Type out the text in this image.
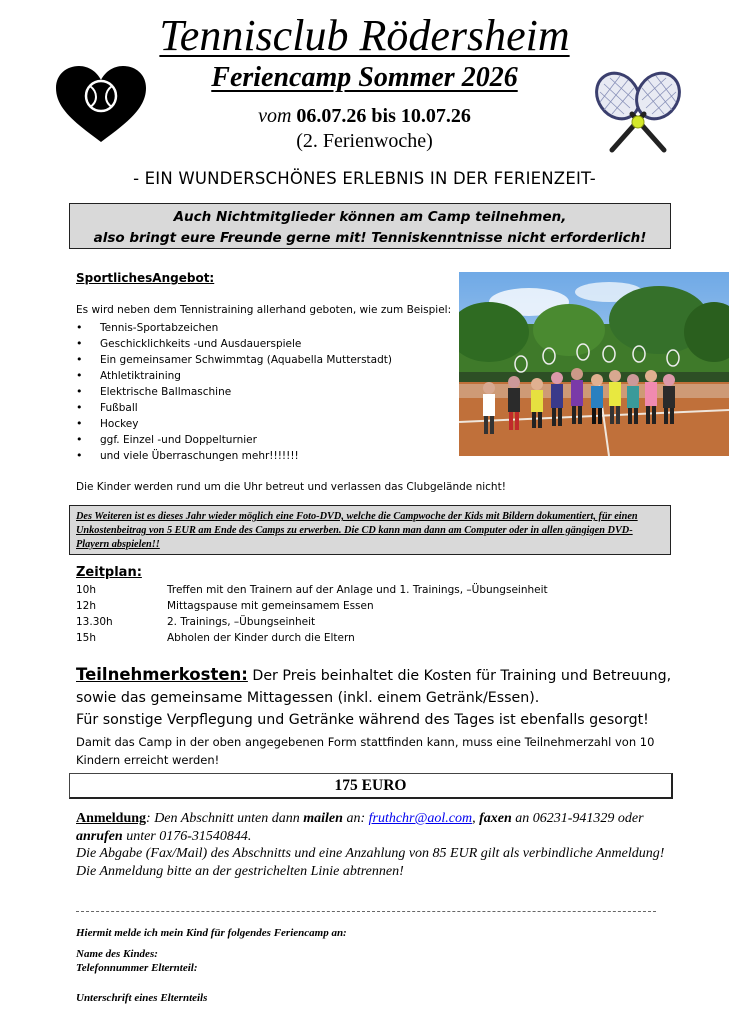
Tennisclub Rödersheim
Feriencamp Sommer 2026
vom 06.07.26 bis 10.07.26
(2. Ferienwoche)
- EIN WUNDERSCHÖNES ERLEBNIS IN DER FERIENZEIT-
Auch Nichtmitglieder können am Camp teilnehmen,
also bringt eure Freunde gerne mit! Tenniskenntnisse nicht erforderlich!
SportlichesAngebot:
Es wird neben dem Tennistraining allerhand geboten, wie zum Beispiel:
• Tennis-Sportabzeichen
• Geschicklichkeits -und Ausdauerspiele
• Ein gemeinsamer Schwimmtag (Aquabella Mutterstadt)
• Athletiktraining
• Elektrische Ballmaschine
• Fußball
• Hockey
• ggf. Einzel -und Doppelturnier
• und viele Überraschungen mehr!!!!!!!
Die Kinder werden rund um die Uhr betreut und verlassen das Clubgelände nicht!
Des Weiteren ist es dieses Jahr wieder möglich eine Foto-DVD, welche die Campwoche der Kids mit Bildern dokumentiert, für einen Unkostenbeitrag von 5 EUR am Ende des Camps zu erwerben. Die CD kann man dann am Computer oder in allen gängigen DVD-Playern abspielen!!
Zeitplan:
10h	Treffen mit den Trainern auf der Anlage und 1. Trainings, –Übungseinheit
12h	Mittagspause mit gemeinsamem Essen
13.30h	2. Trainings, –Übungseinheit
15h	Abholen der Kinder durch die Eltern
Teilnehmerkosten: Der Preis beinhaltet die Kosten für Training und Betreuung, sowie das gemeinsame Mittagessen (inkl. einem Getränk/Essen).
Für sonstige Verpflegung und Getränke während des Tages ist ebenfalls gesorgt!
Damit das Camp in der oben angegebenen Form stattfinden kann, muss eine Teilnehmerzahl von 10 Kindern erreicht werden!
175 EURO
Anmeldung: Den Abschnitt unten dann mailen an: fruthchr@aol.com, faxen an 06231-941329 oder anrufen unter 0176-31540844.
Die Abgabe (Fax/Mail) des Abschnitts und eine Anzahlung von 85 EUR gilt als verbindliche Anmeldung! Die Anmeldung bitte an der gestrichelten Linie abtrennen!
Hiermit melde ich mein Kind für folgendes Feriencamp an:
Name des Kindes:
Telefonnummer Elternteil:
Unterschrift eines Elternteils
